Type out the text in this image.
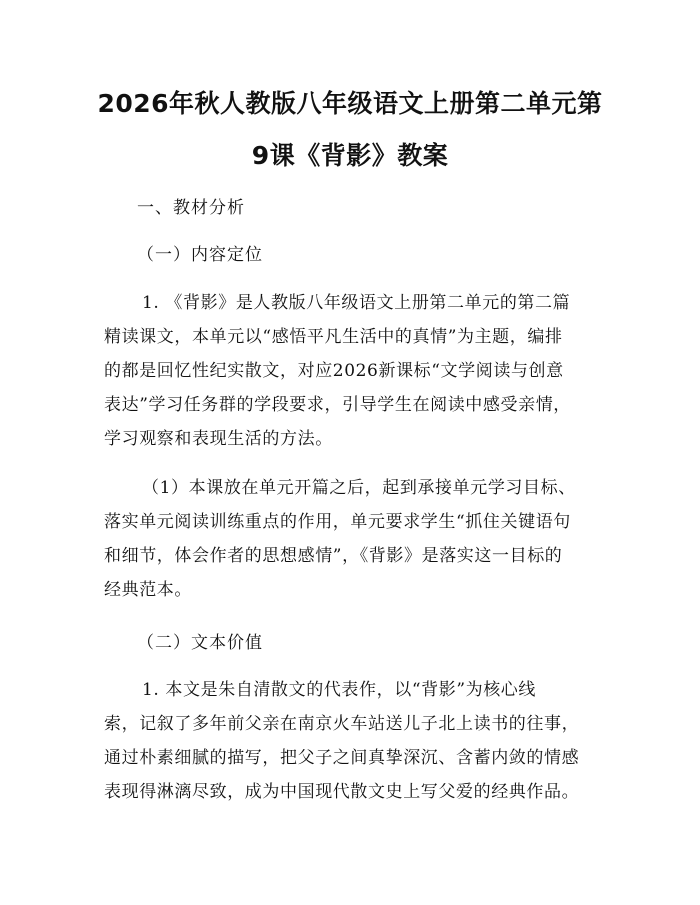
2026年秋人教版八年级语文上册第二单元第
9课《背影》教案

一、教材分析

（一）内容定位

1. 《背影》是人教版八年级语文上册第二单元的第二篇
精读课文，本单元以“感悟平凡生活中的真情”为主题，编排
的都是回忆性纪实散文，对应2026新课标“文学阅读与创意
表达”学习任务群的学段要求，引导学生在阅读中感受亲情，
学习观察和表现生活的方法。
（1）本课放在单元开篇之后，起到承接单元学习目标、
落实单元阅读训练重点的作用，单元要求学生“抓住关键语句
和细节，体会作者的思想感情”，《背影》是落实这一目标的
经典范本。

（二）文本价值

1. 本文是朱自清散文的代表作，以“背影”为核心线
索，记叙了多年前父亲在南京火车站送儿子北上读书的往事，
通过朴素细腻的描写，把父子之间真挚深沉、含蓄内敛的情感
表现得淋漓尽致，成为中国现代散文史上写父爱的经典作品。
